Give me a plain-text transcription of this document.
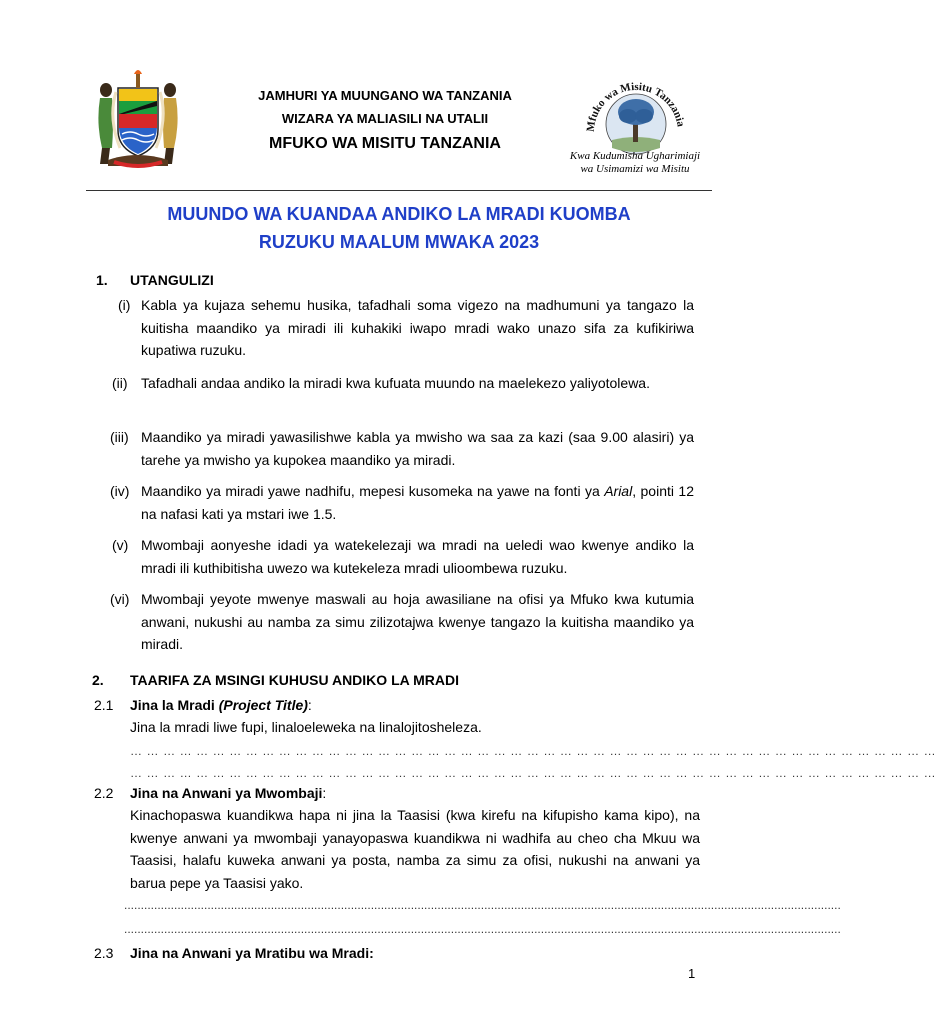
JAMHURI YA MUUNGANO WA TANZANIA
WIZARA YA MALIASILI NA UTALII
MFUKO WA MISITU TANZANIA
Mfuko wa Misitu Tanzania
Kwa Kudumisha Ugharimiaji
wa Usimamizi wa Misitu
MUUNDO WA KUANDAA ANDIKO LA MRADI KUOMBA
RUZUKU MAALUM MWAKA 2023
1. UTANGULIZI
(i) Kabla ya kujaza sehemu husika, tafadhali soma vigezo na madhumuni ya tangazo la kuitisha maandiko ya miradi ili kuhakiki iwapo mradi wako unazo sifa za kufikiriwa kupatiwa ruzuku.
(ii) Tafadhali andaa andiko la miradi kwa kufuata muundo na maelekezo yaliyotolewa.
(iii) Maandiko ya miradi yawasilishwe kabla ya mwisho wa saa za kazi (saa 9.00 alasiri) ya tarehe ya mwisho ya kupokea maandiko ya miradi.
(iv) Maandiko ya miradi yawe nadhifu, mepesi kusomeka na yawe na fonti ya Arial, pointi 12 na nafasi kati ya mstari iwe 1.5.
(v) Mwombaji aonyeshe idadi ya watekelezaji wa mradi na ueledi wao kwenye andiko la mradi ili kuthibitisha uwezo wa kutekeleza mradi ulioombewa ruzuku.
(vi) Mwombaji yeyote mwenye maswali au hoja awasiliane na ofisi ya Mfuko kwa kutumia anwani, nukushi au namba za simu zilizotajwa kwenye tangazo la kuitisha maandiko ya miradi.
2. TAARIFA ZA MSINGI KUHUSU ANDIKO LA MRADI
2.1 Jina la Mradi (Project Title):
Jina la mradi liwe fupi, linaloeleweka na linalojitosheleza.
… … … … … … … … … … … … … … … … … … … … … … … … … … … … … … … … … … … … … … … … … … … … … … … … …
… … … … … … … … … … … … … … … … … … … … … … … … … … … … … … … … … … … … … … … … … … … … … … … … …
2.2 Jina na Anwani ya Mwombaji:
Kinachopaswa kuandikwa hapa ni jina la Taasisi (kwa kirefu na kifupisho kama kipo), na kwenye anwani ya mwombaji yanayopaswa kuandikwa ni wadhifa au cheo cha Mkuu wa Taasisi, halafu kuweka anwani ya posta, namba za simu za ofisi, nukushi na anwani ya barua pepe ya Taasisi yako.
.......................................................................................................................................................................................................................
.......................................................................................................................................................................................................................
2.3 Jina na Anwani ya Mratibu wa Mradi:
1
